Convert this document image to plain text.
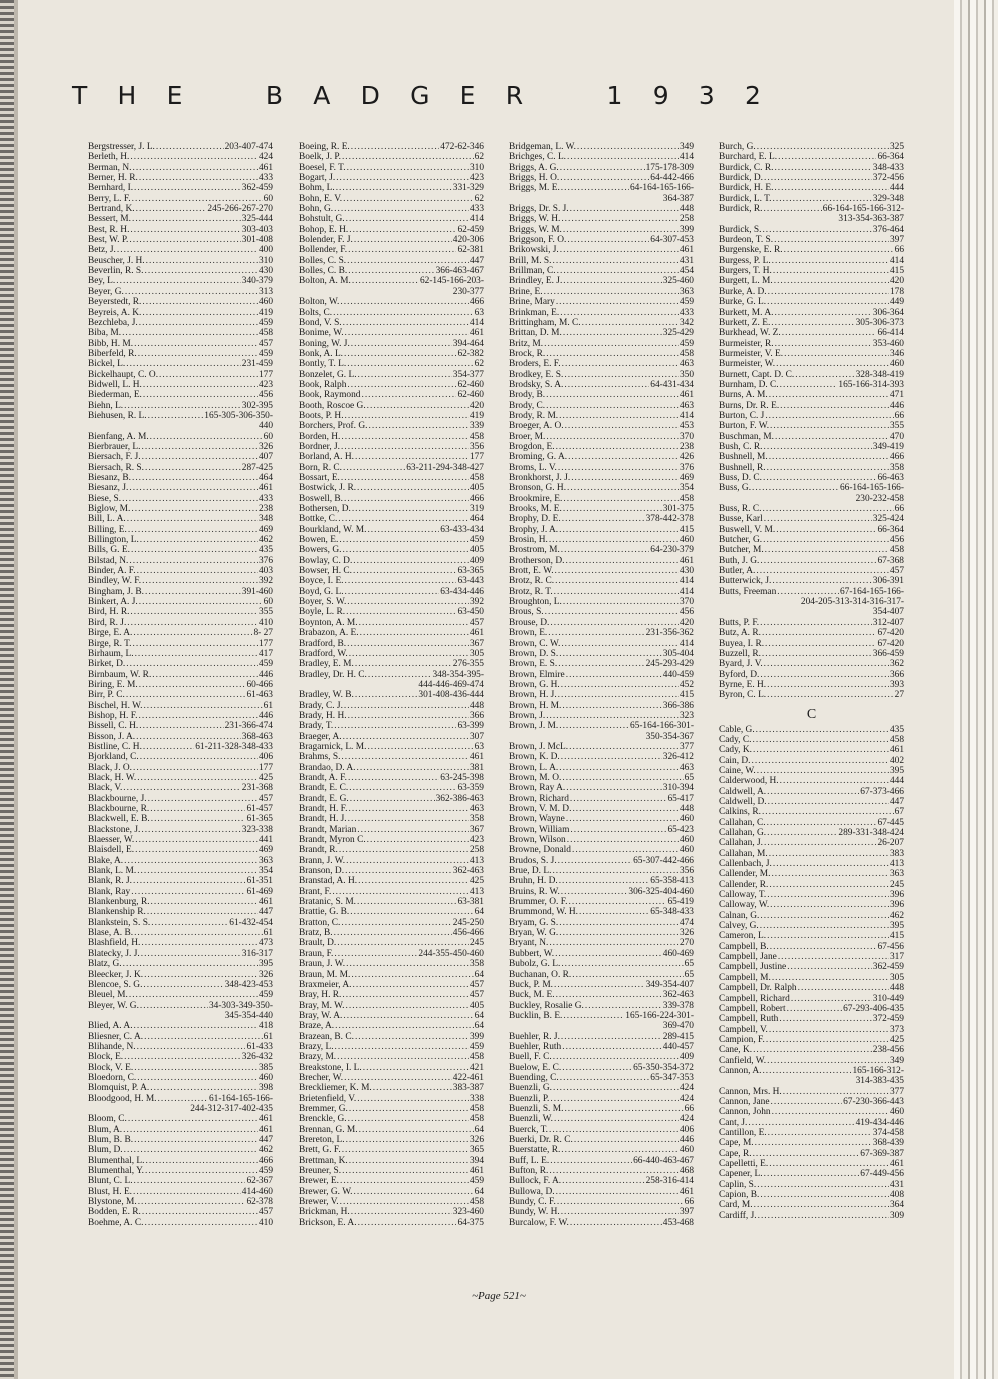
T H E	B A D G E R	1 9 3 2
Bergstresser, J. L. .....	203-407-474
Berleth, H. .....	424
Berman, N. .....	461
Berner, H. R. .....	433
Bernhard, I. .....	362-459
Berry, L. F. .....	60
Bertrand, K. .....	245-266-267-270
Bessert, M. .....	325-444
Best, R. H. .....	303-403
Best, W. P. .....	301-408
Betz, J. .....	400
Beuscher, J. H. .....	310
Beverlin, R. S. .....	430
Bey, L. .....	340-379
Beyer, G. .....	313
Beyerstedt, R. .....	460
Beyreis, A. K. .....	419
Bezchleba, J. .....	459
Biba, M. .....	458
Bibb, H. M. .....	457
Biberfeld, R. .....	459
Bickel, L. .....	231-459
Bickelhaupt, C. O. .....	177
Bidwell, L. H. .....	423
Biederman, E. .....	456
Biehn, L. .....	302-395
Biehusen, R. L. .....	165-305-306-350-
440
Bienfang, A. M. .....	60
Bierbrauer, L. .....	326
Biersach, F. J. .....	407
Biersach, R. S. .....	287-425
Biesanz, B. .....	464
Biesanz, J. .....	461
Biese, S. .....	433
Biglow, M. .....	238
Bill, L. A. .....	348
Billing, E. .....	469
Billington, L. .....	462
Bills, G. E. .....	435
Bilstad, N. .....	376
Binder, A. F. .....	403
Bindley, W. F. .....	392
Bingham, J. B. .....	391-460
Binkert, A. J. .....	60
Bird, H. R. .....	355
Bird, R. J. .....	410
Birge, E. A. .....	8- 27
Birge, R. T. .....	177
Birhaum, L. .....	417
Birket, D. .....	459
Birnbaum, W. R. .....	446
Biring, E. M. .....	60-466
Birr, P. C. .....	61-463
Bischel, H. W. .....	61
Bishop, H. F. .....	446
Bissell, C. H. .....	231-366-474
Bisson, J. A. .....	368-463
Bistline, C. H. .....	61-211-328-348-433
Bjorkland, C. .....	406
Black, J. O. .....	177
Black, H. W. .....	425
Black, V. .....	231-368
Blackbourne, J. .....	457
Blackbourne, R. .....	61-457
Blackwell, E. B. .....	61-365
Blackstone, J. .....	323-338
Blaesser, W. .....	441
Blaisdell, E. .....	469
Blake, A. .....	363
Blank, L. M. .....	354
Blank, R. J. .....	61-351
Blank, Ray .....	61-469
Blankenburg, R. .....	461
Blankenship R. .....	447
Blankstein, S. S. .....	61-432-454
Blase, A. B. .....	61
Blashfield, H. .....	473
Blatecky, J. J. .....	316-317
Blatz, G. .....	395
Bleecker, J. K. .....	326
Blencoe, S. G. .....	348-423-453
Bleuel, M. .....	459
Bleyer, W. G. .....	34-303-349-350-
345-354-440
Blied, A. A. .....	418
Bliesner, C. A. .....	61
Blihande, N. .....	61-433
Block, E. .....	326-432
Block, V. E. .....	385
Bloedorn, C. .....	460
Blomquist, P. A. .....	398
Bloodgood, H. M. .....	61-164-165-166-
244-312-317-402-435
Bloom, C. .....	461
Blum, A. .....	461
Blum, B. B. .....	447
Blum, D. .....	462
Blumenthal, L. .....	466
Blumenthal, Y. .....	459
Blunt, C. L. .....	62-367
Blust, H. E. .....	414-460
Blystone, M. .....	62-378
Bodden, E. R. .....	457
Boehme, A. C. .....	410
Boeing, R. E. .....	472-62-346
Boelk, J. P. .....	62
Boesel, F. T. .....	310
Bogart, J. .....	423
Bohm, L. .....	331-329
Bohn, E. V. .....	62
Bohn, G. .....	433
Bohstult, G. .....	414
Bohop, E. H. .....	62-459
Bolender, F. J. .....	420-306
Bollender, F. .....	62-381
Bolles, C. S. .....	447
Bolles, C. B. .....	366-463-467
Bolton, A. M. .....	62-145-166-203-
230-377
Bolton, W. .....	466
Bolts, C. .....	63
Bond, V. S. .....	414
Bonime, W. .....	461
Boning, W. J. .....	394-464
Bonk, A. L. .....	62-382
Bontly, T. L. .....	62
Bonzelet, G. L. .....	354-377
Book, Ralph .....	62-460
Book, Raymond .....	62-460
Booth, Roscoe G. .....	420
Boots, P. H. .....	419
Borchers, Prof. G. .....	339
Borden, H. .....	458
Bordner, J. .....	356
Borland, A. H. .....	177
Born, R. C. .....	63-211-294-348-427
Bossart, E. .....	458
Bostwick, J. R. .....	405
Boswell, B. .....	466
Bothersen, D. .....	319
Bottke, C. .....	464
Bourkland, W. M. .....	63-433-434
Bowen, E. .....	459
Bowers, G. .....	405
Bowlay, C. D. .....	409
Bowser, H. C. .....	63-365
Boyce, I. E. .....	63-443
Boyd, G. L. .....	63-434-446
Boyer, S. W. .....	392
Boyle, L. R. .....	63-450
Boynton, A. M. .....	457
Brabazon, A. E. .....	461
Bradford, B. .....	367
Bradford, W. .....	305
Bradley, E. M. .....	276-355
Bradley, Dr. H. C. .....	348-354-395-
444-446-469-474
Bradley, W. B. .....	301-408-436-444
Brady, C. J. .....	448
Brady, H. H. .....	366
Brady, T. .....	63-399
Braeger, A. .....	307
Bragarnick, L. M. .....	63
Brahms, S. .....	461
Brandao, D. A. .....	381
Brandt, A. F. .....	63-245-398
Brandt, E. C. .....	63-359
Brandt, E. G. .....	362-386-463
Brandt, H. F. .....	463
Brandt, H. J. .....	358
Brandt, Marian .....	367
Brandt, Myron C. .....	423
Brandt, R. .....	258
Brann, J. W. .....	413
Branson, D. .....	362-463
Branstad, A. H. .....	425
Brant, F. .....	413
Bratanic, S. M. .....	63-381
Brattie, G. B. .....	64
Bratton, C. .....	245-250
Bratz, B. .....	456-466
Brault, D. .....	245
Braun, F. .....	244-355-450-460
Braun, J. W. .....	358
Braun, M. M. .....	64
Braxmeier, A. .....	457
Bray, H. R. .....	457
Bray, M. W. .....	405
Bray, W. A. .....	64
Braze, A. .....	64
Brazean, B. C. .....	399
Brazy, L. .....	459
Brazy, M. .....	458
Breakstone, I. L. .....	421
Brecher, W. .....	422-461
Breckliemer, K. M. .....	383-387
Brietenfield, V. .....	338
Bremmer, G. .....	458
Brenckle, G. .....	458
Brennan, G. M. .....	64
Brereton, L. .....	326
Brett, G. F. .....	365
Brettman, K. .....	394
Breuner, S. .....	461
Brewer, E. .....	459
Brewer, G. W. .....	64
Brewer, V. .....	458
Brickman, H. .....	323-460
Brickson, E. A. .....	64-375
Bridgeman, L. W. .....	349
Brichges, C. L. .....	414
Briggs, A. G. .....	175-178-309
Briggs, H. O. .....	64-442-466
Briggs, M. E. .....	64-164-165-166-
364-387
Briggs, Dr. S. J. .....	448
Briggs, W. H. .....	258
Briggs, W. M. .....	399
Briggson, F. O. .....	64-307-453
Brikowski, J. .....	461
Brill, M. S. .....	431
Brillman, C. .....	454
Brindley, E. J. .....	325-460
Brine, E. .....	363
Brine, Mary .....	459
Brinkman, E. .....	433
Brittingham, M. C. .....	342
Brittan, D. M. .....	325-429
Britz, M. .....	459
Brock, R. .....	458
Broders, E. F. .....	463
Brodkey, E. S. .....	350
Brodsky, S. A. .....	64-431-434
Brody, B. .....	461
Brody, C. .....	463
Brody, R. M. .....	414
Broeger, A. O. .....	453
Broer, M. .....	370
Brogdon, E. .....	238
Broming, G. A. .....	426
Broms, L. V. .....	376
Bronkhorst, J. J. .....	469
Bronson, G. H. .....	354
Brookmire, E. .....	458
Brooks, M. E. .....	301-375
Brophy, D. E. .....	378-442-378
Brophy, J. A. .....	415
Brosin, H. .....	460
Brostrom, M. .....	64-230-379
Brotherson, D. .....	461
Brott, E. W. .....	430
Brotz, R. C. .....	414
Brotz, R. T. .....	414
Broughton, L. .....	370
Brous, S. .....	456
Brouse, D. .....	420
Brown, E. .....	231-356-362
Brown, C. W. .....	414
Brown, D. S. .....	305-404
Brown, E. S. .....	245-293-429
Brown, Elmire .....	440-459
Brown, G. H. .....	452
Brown, H. J. .....	415
Brown, H. M. .....	366-386
Brown, J. .....	323
Brown, J. M. .....	65-164-166-301-
350-354-367
Brown, J. McL. .....	377
Brown, K. D. .....	326-412
Brown, L. A. .....	463
Brown, M. O. .....	65
Brown, Ray A. .....	310-394
Brown, Richard .....	65-417
Brown, V. M. D. .....	448
Brown, Wayne .....	460
Brown, William .....	65-423
Brown, Wilson .....	460
Browne, Donald .....	460
Brudos, S. J. .....	65-307-442-466
Brue, D. L. .....	356
Bruhn, H. D. .....	65-358-413
Bruins, R. W. .....	306-325-404-460
Brummer, O. F. .....	65-419
Brummond, W. H. .....	65-348-433
Bryam, G. S. .....	474
Bryan, W. G. .....	326
Bryant, N. .....	270
Bubbert, W. .....	460-469
Bubolz, G. L. .....	65
Buchanan, O. R. .....	65
Buck, P. M. .....	349-354-407
Buck, M. E. .....	362-463
Buckley, Rosalie G. .....	339-378
Bucklin, B. E. .....	165-166-224-301-
369-470
Buehler, R. J. .....	289-415
Buehler, Ruth .....	440-457
Buell, F. C. .....	409
Buelow, E. C. .....	65-350-354-372
Buending, C. .....	65-347-353
Buenzli, G. .....	424
Buenzli, P. .....	424
Buenzli, S. M. .....	66
Buenzli, W. .....	424
Buerck, T. .....	406
Buerki, Dr. R. C. .....	446
Buerstatte, R. .....	460
Buff, L. E. .....	66-440-463-467
Bufton, R. .....	468
Bullock, F. A. .....	258-316-414
Bullowa, D. .....	461
Bundy, C. F. .....	66
Bundy, W. H. .....	397
Burcalow, F. W. .....	453-468
Burch, G. .....	325
Burchard, E. L. .....	66-364
Burdick, C. R. .....	348-433
Burdick, D. .....	372-456
Burdick, H. E. .....	444
Burdick, L. T. .....	329-348
Burdick, R. .....	66-164-165-166-312-
313-354-363-387
Burdick, S. .....	376-464
Burdeon, T. S. .....	397
Burgenske, E. R. .....	66
Burgess, P. L. .....	414
Burgers, T. H. .....	415
Burgett, L. M. .....	420
Burke, A. D. .....	178
Burke, G. L. .....	449
Burkett, M. A. .....	306-364
Burkett, Z. E. .....	305-306-373
Burkhead, W. Z. .....	66-414
Burmeister, R. .....	353-460
Burmeister, V. E. .....	346
Burmeister, W. .....	460
Burnett, Capt. D. C. .....	328-348-419
Burnham, D. C. .....	165-166-314-393
Burns, A. M. .....	471
Burns, Dr. R. E. .....	446
Burton, C. J .....	66
Burton, F. W. .....	355
Buschman, M. .....	470
Bush, C. R. .....	349-419
Bushnell, M. .....	466
Bushnell, R. .....	358
Buss, D. C. .....	66-463
Buss, G. .....	66-164-165-166-
230-232-458
Buss, R. C. .....	66
Busse, Karl .....	325-424
Buswell, V. M. .....	66-364
Butcher, G. .....	456
Butcher, M. .....	458
Buth, J. G. .....	67-368
Butler, A. .....	457
Butterwick, J. .....	306-391
Butts, Freeman .....	67-164-165-166-
204-205-313-314-316-317-
354-407
Butts, P. F. .....	312-407
Butz, A. R. .....	67-420
Buyea, I. R. .....	67-420
Buzzell, R. .....	366-459
Byard, J. V. .....	362
Byford, D. .....	366
Byrne, E. H. .....	393
Byron, C. L. .....	27
C
Cable, G. .....	435
Cady, C. .....	458
Cady, K. .....	461
Cain, D. .....	402
Caine, W. .....	395
Calderwood, H. .....	444
Caldwell, A. .....	67-373-466
Caldwell, D. .....	447
Calkins, R. .....	67
Callahan, C. .....	67-445
Callahan, G. .....	289-331-348-424
Callahan, J. .....	26-207
Callahan, M. .....	383
Callenbach, J. .....	413
Callender, M. .....	363
Callender, R. .....	245
Calloway, T. .....	396
Calloway, W. .....	396
Calnan, G. .....	462
Calvey, G. .....	395
Cameron, L. .....	415
Campbell, B. .....	67-456
Campbell, Jane .....	317
Campbell, Justine .....	362-459
Campbell, M. .....	305
Campbell, Dr. Ralph .....	448
Campbell, Richard .....	310-449
Campbell, Robert .....	67-293-406-435
Campbell, Ruth .....	372-459
Campbell, V. .....	373
Campion, F. .....	425
Cane, K. .....	238-456
Canfield, W. .....	349
Cannon, A. .....	165-166-312-
314-383-435
Cannon, Mrs. H. .....	377
Cannon, Jane .....	67-230-366-443
Cannon, John .....	460
Cant, J. .....	419-434-446
Cantillon, E. .....	374-458
Cape, M. .....	368-439
Cape, R. .....	67-369-387
Capelletti, E. .....	461
Capener, L. .....	67-449-456
Caplin, S. .....	431
Capion, B. .....	408
Card, M. .....	364
Cardiff, J. .....	309
~Page 521~
